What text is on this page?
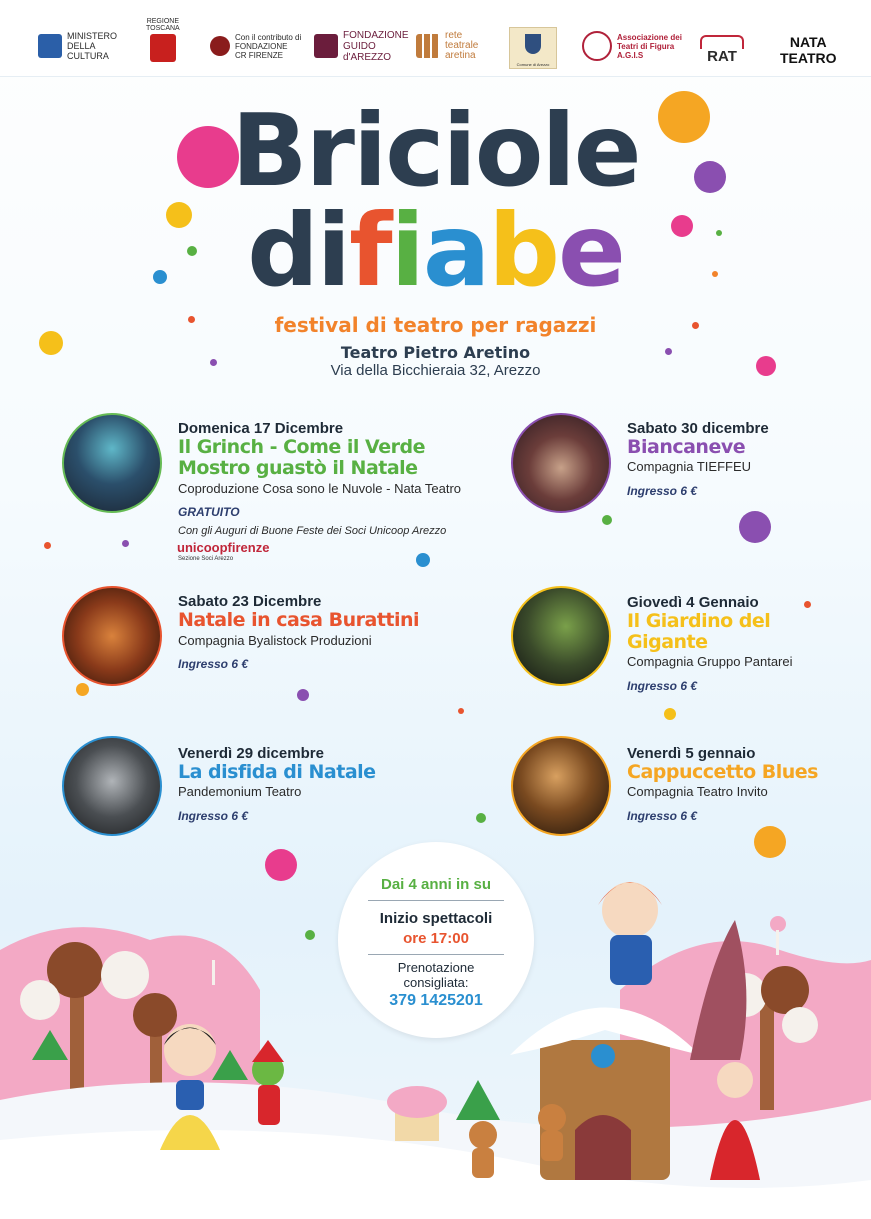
MINISTERO
DELLA
CULTURA
REGIONE
TOSCANA
Con il contributo di
FONDAZIONE
CR FIRENZE
FONDAZIONE
GUIDO
d'AREZZO
rete
teatrale
aretina
Comune di Arezzo
Associazione dei
Teatri di Figura
A.G.I.S	RAT
NATA
TEATRO
Briciole
difiabe
festival di teatro per ragazzi
Teatro Pietro Aretino
Via della Bicchieraia 32, Arezzo
Domenica 17 Dicembre
Il Grinch - Come il Verde Mostro guastò il Natale
Coproduzione Cosa sono le Nuvole - Nata Teatro
GRATUITO
Con gli Auguri di Buone Feste dei Soci Unicoop Arezzo
unicoopfirenze
Sezione Soci Arezzo
Sabato 30 dicembre
Biancaneve
Compagnia TIEFFEU
Ingresso 6 €
Sabato 23 Dicembre
Natale in casa Burattini
Compagnia Byalistock Produzioni
Ingresso 6 €
Giovedì 4 Gennaio
Il Giardino del Gigante
Compagnia Gruppo Pantarei
Ingresso 6 €
Venerdì 29 dicembre
La disfida di Natale
Pandemonium Teatro
Ingresso 6 €
Venerdì 5 gennaio
Cappuccetto Blues
Compagnia Teatro Invito
Ingresso 6 €
Dai 4 anni in su
Inizio spettacoli
ore 17:00
Prenotazione consigliata:
379 1425201
